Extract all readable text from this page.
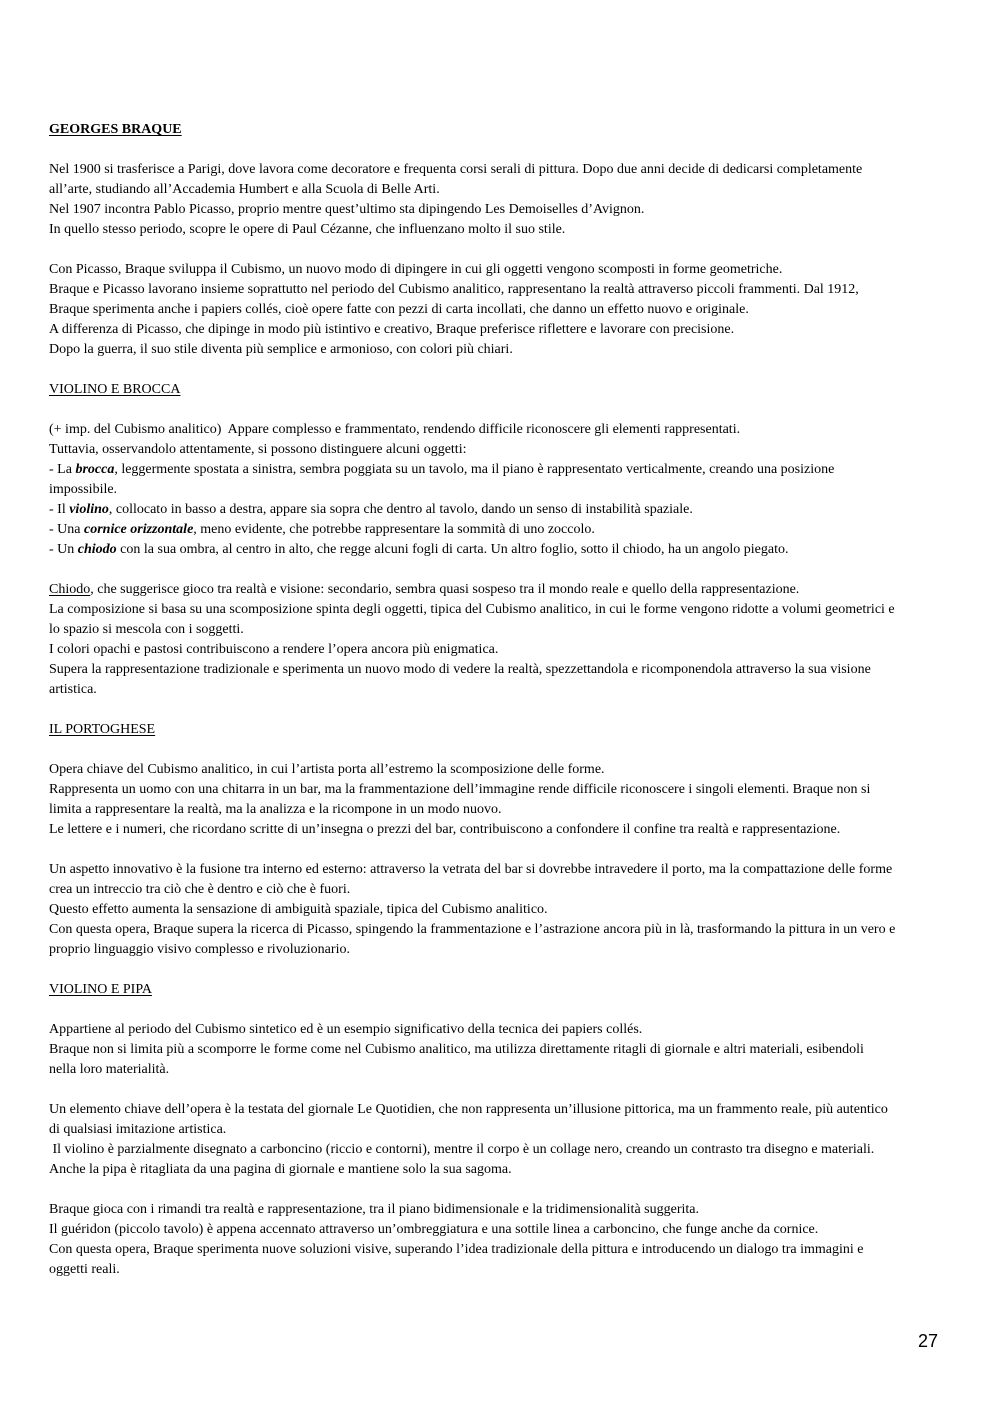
GEORGES BRAQUE
Nel 1900 si trasferisce a Parigi, dove lavora come decoratore e frequenta corsi serali di pittura. Dopo due anni decide di dedicarsi completamente
all’arte, studiando all’Accademia Humbert e alla Scuola di Belle Arti.
Nel 1907 incontra Pablo Picasso, proprio mentre quest’ultimo sta dipingendo Les Demoiselles d’Avignon.
In quello stesso periodo, scopre le opere di Paul Cézanne, che influenzano molto il suo stile.
Con Picasso, Braque sviluppa il Cubismo, un nuovo modo di dipingere in cui gli oggetti vengono scomposti in forme geometriche.
Braque e Picasso lavorano insieme soprattutto nel periodo del Cubismo analitico, rappresentano la realtà attraverso piccoli frammenti. Dal 1912,
Braque sperimenta anche i papiers collés, cioè opere fatte con pezzi di carta incollati, che danno un effetto nuovo e originale.
A differenza di Picasso, che dipinge in modo più istintivo e creativo, Braque preferisce riflettere e lavorare con precisione.
Dopo la guerra, il suo stile diventa più semplice e armonioso, con colori più chiari.
VIOLINO E BROCCA
(+ imp. del Cubismo analitico)  Appare complesso e frammentato, rendendo difficile riconoscere gli elementi rappresentati.
Tuttavia, osservandolo attentamente, si possono distinguere alcuni oggetti:
- La brocca, leggermente spostata a sinistra, sembra poggiata su un tavolo, ma il piano è rappresentato verticalmente, creando una posizione
impossibile.
- Il violino, collocato in basso a destra, appare sia sopra che dentro al tavolo, dando un senso di instabilità spaziale.
- Una cornice orizzontale, meno evidente, che potrebbe rappresentare la sommità di uno zoccolo.
- Un chiodo con la sua ombra, al centro in alto, che regge alcuni fogli di carta. Un altro foglio, sotto il chiodo, ha un angolo piegato.
Chiodo, che suggerisce gioco tra realtà e visione: secondario, sembra quasi sospeso tra il mondo reale e quello della rappresentazione.
La composizione si basa su una scomposizione spinta degli oggetti, tipica del Cubismo analitico, in cui le forme vengono ridotte a volumi geometrici e
lo spazio si mescola con i soggetti.
I colori opachi e pastosi contribuiscono a rendere l’opera ancora più enigmatica.
Supera la rappresentazione tradizionale e sperimenta un nuovo modo di vedere la realtà, spezzettandola e ricomponendola attraverso la sua visione
artistica.
IL PORTOGHESE
Opera chiave del Cubismo analitico, in cui l’artista porta all’estremo la scomposizione delle forme.
Rappresenta un uomo con una chitarra in un bar, ma la frammentazione dell’immagine rende difficile riconoscere i singoli elementi. Braque non si
limita a rappresentare la realtà, ma la analizza e la ricompone in un modo nuovo.
Le lettere e i numeri, che ricordano scritte di un’insegna o prezzi del bar, contribuiscono a confondere il confine tra realtà e rappresentazione.
Un aspetto innovativo è la fusione tra interno ed esterno: attraverso la vetrata del bar si dovrebbe intravedere il porto, ma la compattazione delle forme
crea un intreccio tra ciò che è dentro e ciò che è fuori.
Questo effetto aumenta la sensazione di ambiguità spaziale, tipica del Cubismo analitico.
Con questa opera, Braque supera la ricerca di Picasso, spingendo la frammentazione e l’astrazione ancora più in là, trasformando la pittura in un vero e
proprio linguaggio visivo complesso e rivoluzionario.
VIOLINO E PIPA
Appartiene al periodo del Cubismo sintetico ed è un esempio significativo della tecnica dei papiers collés.
Braque non si limita più a scomporre le forme come nel Cubismo analitico, ma utilizza direttamente ritagli di giornale e altri materiali, esibendoli
nella loro materialità.
Un elemento chiave dell’opera è la testata del giornale Le Quotidien, che non rappresenta un’illusione pittorica, ma un frammento reale, più autentico
di qualsiasi imitazione artistica.
Il violino è parzialmente disegnato a carboncino (riccio e contorni), mentre il corpo è un collage nero, creando un contrasto tra disegno e materiali.
Anche la pipa è ritagliata da una pagina di giornale e mantiene solo la sua sagoma.
Braque gioca con i rimandi tra realtà e rappresentazione, tra il piano bidimensionale e la tridimensionalità suggerita.
Il guéridon (piccolo tavolo) è appena accennato attraverso un’ombreggiatura e una sottile linea a carboncino, che funge anche da cornice.
Con questa opera, Braque sperimenta nuove soluzioni visive, superando l’idea tradizionale della pittura e introducendo un dialogo tra immagini e
oggetti reali.
27
